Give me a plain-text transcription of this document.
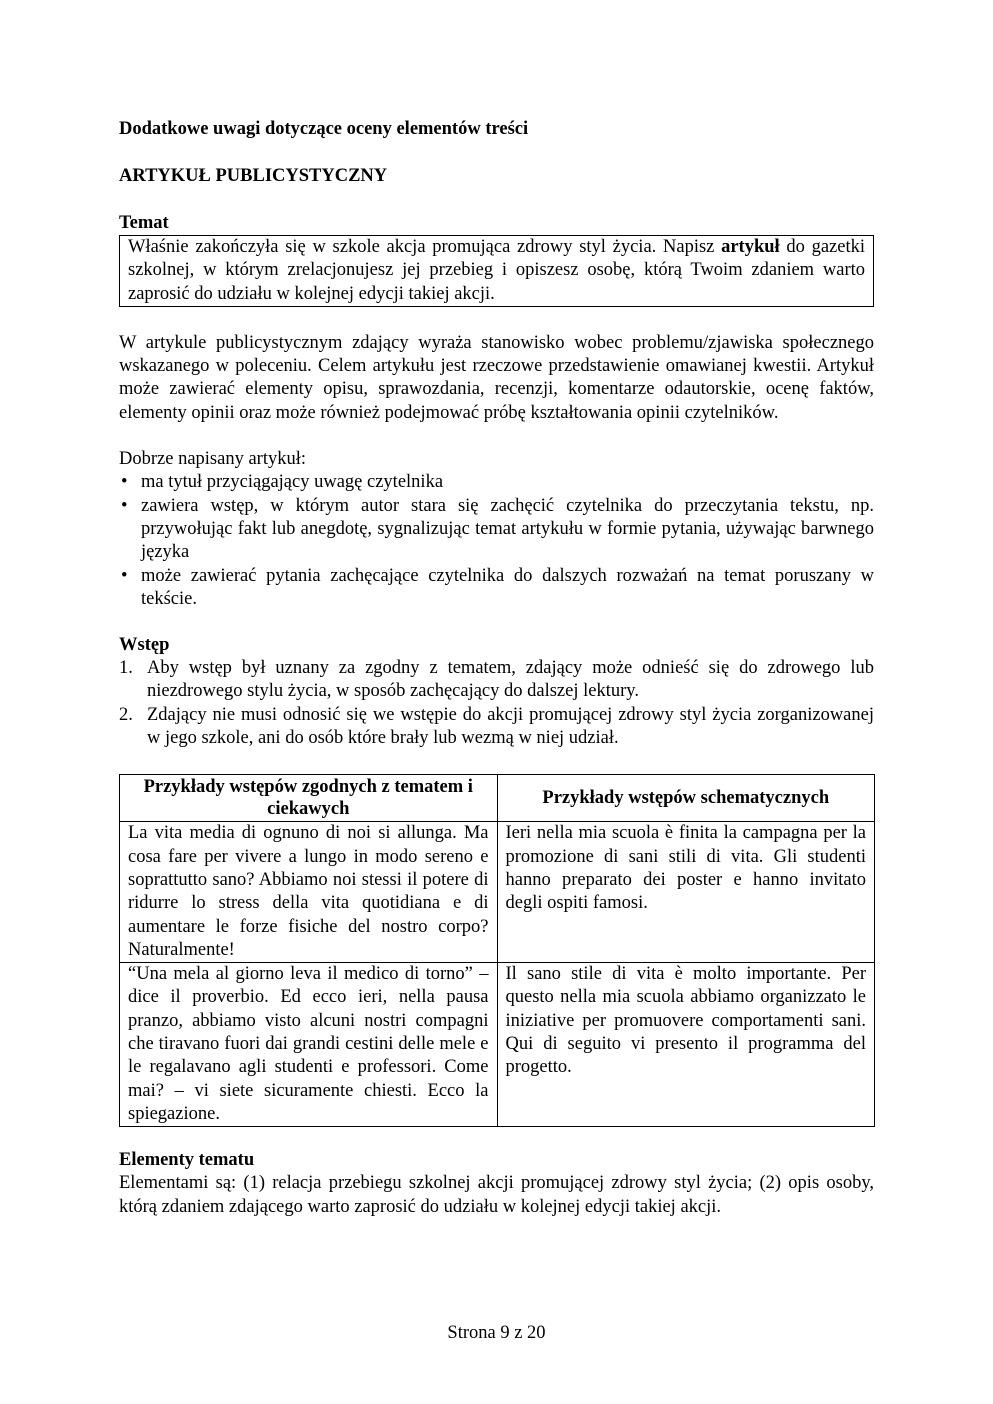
Dodatkowe uwagi dotyczące oceny elementów treści
ARTYKUŁ PUBLICYSTYCZNY
Temat

Właśnie zakończyła się w szkole akcja promująca zdrowy styl życia. Napisz artykuł do gazetki szkolnej, w którym zrelacjonujesz jej przebieg i opiszesz osobę, którą Twoim zdaniem warto zaprosić do udziału w kolejnej edycji takiej akcji.

W artykule publicystycznym zdający wyraża stanowisko wobec problemu/zjawiska społecznego wskazanego w poleceniu. Celem artykułu jest rzeczowe przedstawienie omawianej kwestii. Artykuł może zawierać elementy opisu, sprawozdania, recenzji, komentarze odautorskie, ocenę faktów, elementy opinii oraz może również podejmować próbę kształtowania opinii czytelników.

Dobrze napisany artykuł:

• ma tytuł przyciągający uwagę czytelnika
• zawiera wstęp, w którym autor stara się zachęcić czytelnika do przeczytania tekstu, np. przywołując fakt lub anegdotę, sygnalizując temat artykułu w formie pytania, używając barwnego języka
• może zawierać pytania zachęcające czytelnika do dalszych rozważań na temat poruszany w tekście.
Wstęp
1. Aby wstęp był uznany za zgodny z tematem, zdający może odnieść się do zdrowego lub niezdrowego stylu życia, w sposób zachęcający do dalszej lektury.
2. Zdający nie musi odnosić się we wstępie do akcji promującej zdrowy styl życia zorganizowanej w jego szkole, ani do osób które brały lub wezmą w niej udział.
Przykłady wstępów zgodnych z tematem i ciekawych	Przykłady wstępów schematycznych
La vita media di ognuno di noi si allunga. Ma cosa fare per vivere a lungo in modo sereno e soprattutto sano? Abbiamo noi stessi il potere di ridurre lo stress della vita quotidiana e di aumentare le forze fisiche del nostro corpo? Naturalmente!	Ieri nella mia scuola è finita la campagna per la promozione di sani stili di vita. Gli studenti hanno preparato dei poster e hanno invitato degli ospiti famosi.
“Una mela al giorno leva il medico di torno” – dice il proverbio. Ed ecco ieri, nella pausa pranzo, abbiamo visto alcuni nostri compagni che tiravano fuori dai grandi cestini delle mele e le regalavano agli studenti e professori. Come mai? – vi siete sicuramente chiesti. Ecco la spiegazione.	Il sano stile di vita è molto importante. Per questo nella mia scuola abbiamo organizzato le iniziative per promuovere comportamenti sani. Qui di seguito vi presento il programma del progetto.
Elementy tematu

Elementami są: (1) relacja przebiegu szkolnej akcji promującej zdrowy styl życia; (2) opis osoby, którą zdaniem zdającego warto zaprosić do udziału w kolejnej edycji takiej akcji.

Strona 9 z 20
